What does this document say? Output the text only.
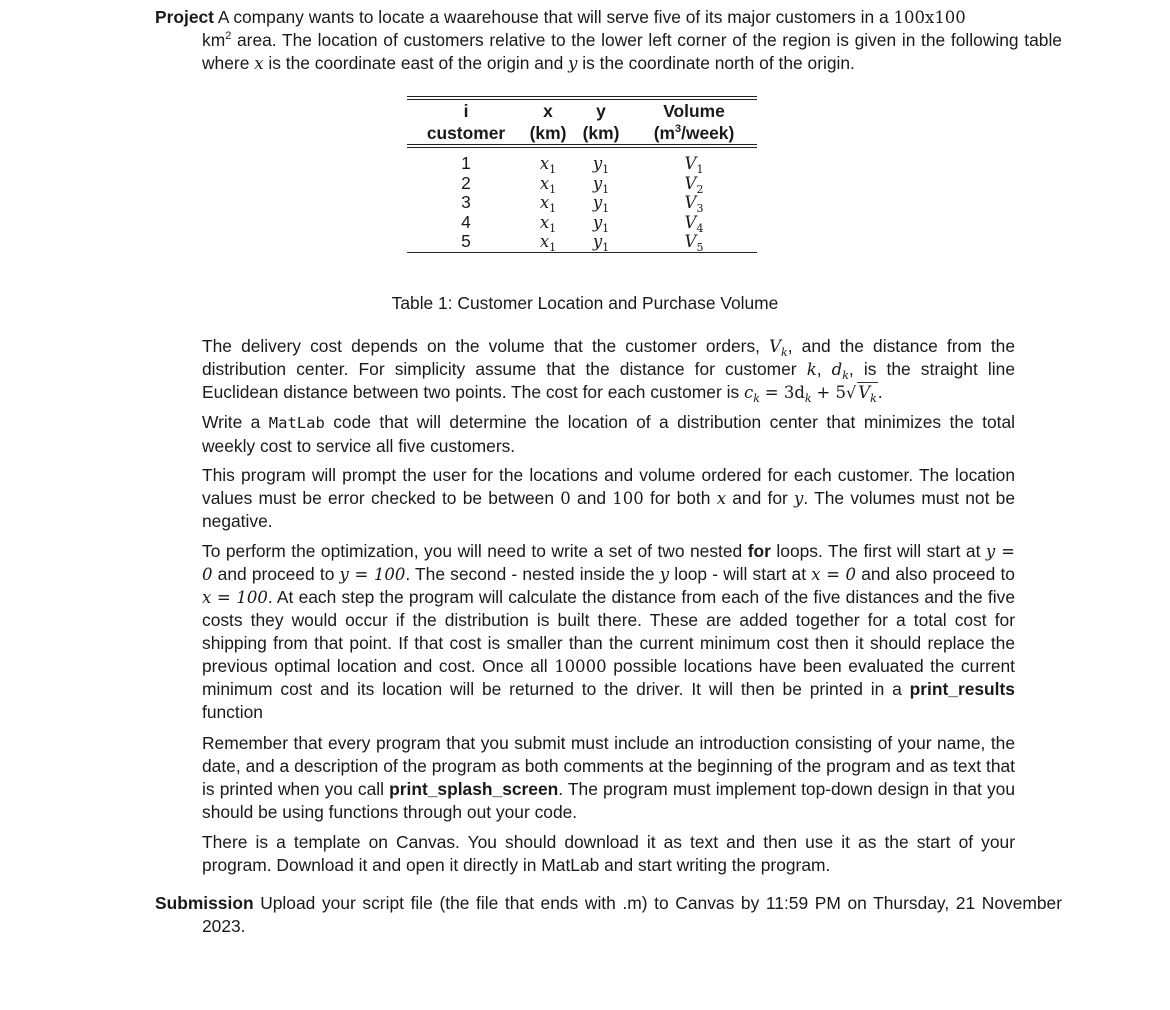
Project A company wants to locate a waarehouse that will serve five of its major customers in a 100x100
$km^2$ area. The location of customers relative to the lower left corner of the region is given in the following table where x is the coordinate east of the origin and y is the coordinate north of the origin.
i	x	y	Volume
customer	(km)	(km)	$(m^3/week)$
1	$x_1$	$y_1$	$V_1$
2	$x_1$	$y_1$	$V_2$
3	$x_1$	$y_1$	$V_3$
4	$x_1$	$y_1$	$V_4$
5	$x_1$	$y_1$	$V_5$
Table 1: Customer Location and Purchase Volume
The delivery cost depends on the volume that the customer orders, $V_k$, and the distance from the distribution center. For simplicity assume that the distance for customer k, $d_k$, is the straight line Euclidean distance between two points. The cost for each customer is $c_k = 3d_k + 5√$ $V_k$.
Write a MatLab code that will determine the location of a distribution center that minimizes the total weekly cost to service all five customers.
This program will prompt the user for the locations and volume ordered for each customer. The location values must be error checked to be between 0 and 100 for both x and for y. The volumes must not be negative.
To perform the optimization, you will need to write a set of two nested for loops. The first will start at y = 0 and proceed to y = 100. The second - nested inside the y loop - will start at x = 0 and also proceed to x = 100. At each step the program will calculate the distance from each of the five distances and the five costs they would occur if the distribution is built there. These are added together for a total cost for shipping from that point. If that cost is smaller than the current minimum cost then it should replace the previous optimal location and cost. Once all 10000 possible locations have been evaluated the current minimum cost and its location will be returned to the driver. It will then be printed in a print_results function
Remember that every program that you submit must include an introduction consisting of your name, the date, and a description of the program as both comments at the beginning of the program and as text that is printed when you call print_splash_screen. The program must implement top-down design in that you should be using functions through out your code.
There is a template on Canvas. You should download it as text and then use it as the start of your program. Download it and open it directly in MatLab and start writing the program.
Submission Upload your script file (the file that ends with .m) to Canvas by 11:59 PM on Thursday, 21 November 2023.
